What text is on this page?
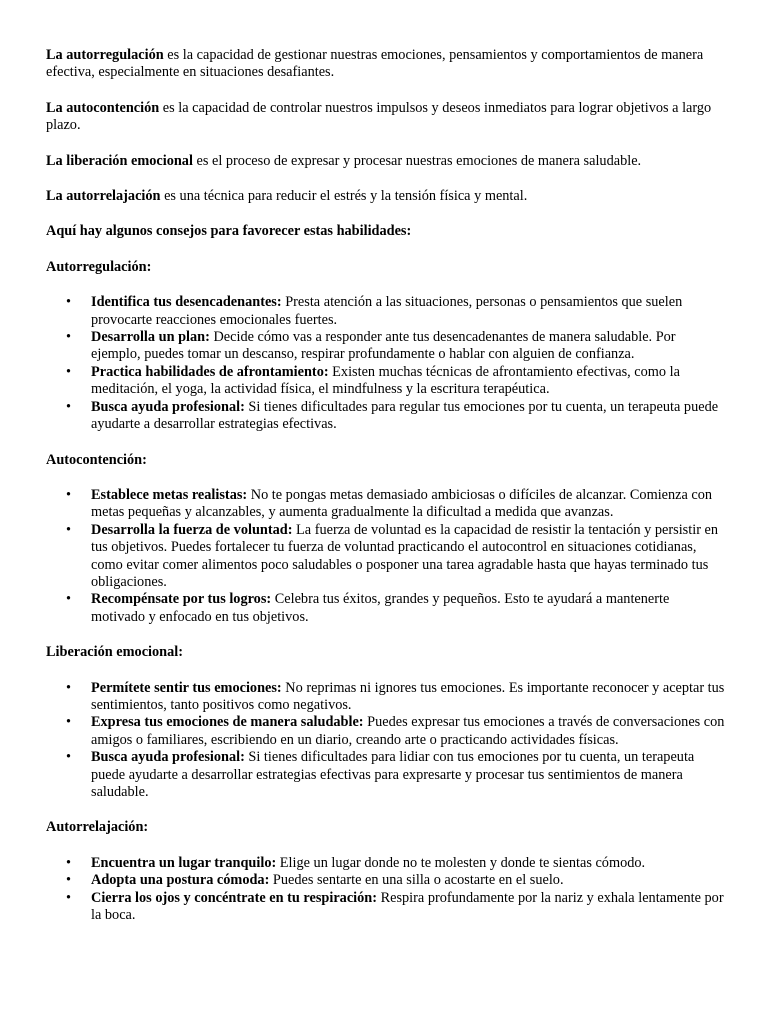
La autorregulación es la capacidad de gestionar nuestras emociones, pensamientos y comportamientos de manera efectiva, especialmente en situaciones desafiantes.

La autocontención es la capacidad de controlar nuestros impulsos y deseos inmediatos para lograr objetivos a largo plazo.

La liberación emocional es el proceso de expresar y procesar nuestras emociones de manera saludable.

La autorrelajación es una técnica para reducir el estrés y la tensión física y mental.

Aquí hay algunos consejos para favorecer estas habilidades:

Autorregulación:

• Identifica tus desencadenantes: Presta atención a las situaciones, personas o pensamientos que suelen provocarte reacciones emocionales fuertes.
• Desarrolla un plan: Decide cómo vas a responder ante tus desencadenantes de manera saludable. Por ejemplo, puedes tomar un descanso, respirar profundamente o hablar con alguien de confianza.
• Practica habilidades de afrontamiento: Existen muchas técnicas de afrontamiento efectivas, como la meditación, el yoga, la actividad física, el mindfulness y la escritura terapéutica.
• Busca ayuda profesional: Si tienes dificultades para regular tus emociones por tu cuenta, un terapeuta puede ayudarte a desarrollar estrategias efectivas.

Autocontención:

• Establece metas realistas: No te pongas metas demasiado ambiciosas o difíciles de alcanzar. Comienza con metas pequeñas y alcanzables, y aumenta gradualmente la dificultad a medida que avanzas.
• Desarrolla la fuerza de voluntad: La fuerza de voluntad es la capacidad de resistir la tentación y persistir en tus objetivos. Puedes fortalecer tu fuerza de voluntad practicando el autocontrol en situaciones cotidianas, como evitar comer alimentos poco saludables o posponer una tarea agradable hasta que hayas terminado tus obligaciones.
• Recompénsate por tus logros: Celebra tus éxitos, grandes y pequeños. Esto te ayudará a mantenerte motivado y enfocado en tus objetivos.

Liberación emocional:

• Permítete sentir tus emociones: No reprimas ni ignores tus emociones. Es importante reconocer y aceptar tus sentimientos, tanto positivos como negativos.
• Expresa tus emociones de manera saludable: Puedes expresar tus emociones a través de conversaciones con amigos o familiares, escribiendo en un diario, creando arte o practicando actividades físicas.
• Busca ayuda profesional: Si tienes dificultades para lidiar con tus emociones por tu cuenta, un terapeuta puede ayudarte a desarrollar estrategias efectivas para expresarte y procesar tus sentimientos de manera saludable.

Autorrelajación:

• Encuentra un lugar tranquilo: Elige un lugar donde no te molesten y donde te sientas cómodo.
• Adopta una postura cómoda: Puedes sentarte en una silla o acostarte en el suelo.
• Cierra los ojos y concéntrate en tu respiración: Respira profundamente por la nariz y exhala lentamente por la boca.
